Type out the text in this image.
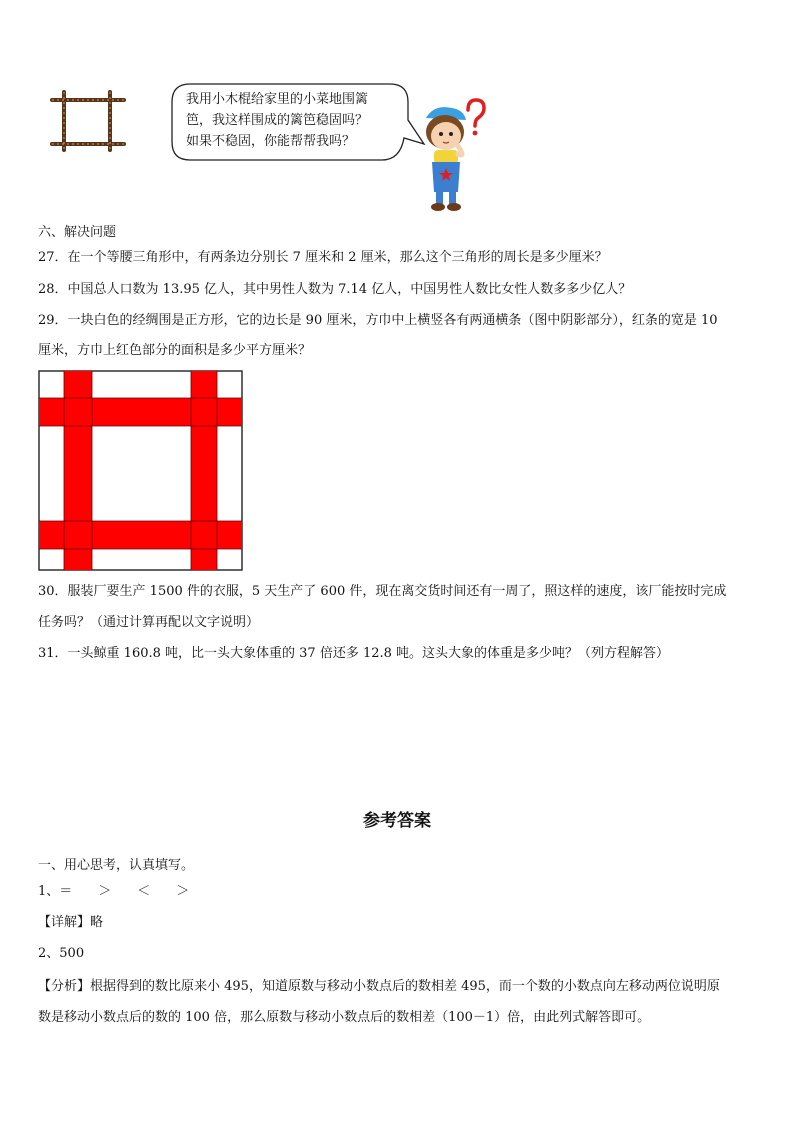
我用小木棍给家里的小菜地围篱
笆，我这样围成的篱笆稳固吗？
如果不稳固，你能帮帮我吗？
六、解决问题
27．在一个等腰三角形中，有两条边分别长 7 厘米和 2 厘米，那么这个三角形的周长是多少厘米？
28．中国总人口数为 13.95 亿人，其中男性人数为 7.14 亿人，中国男性人数比女性人数多多少亿人？
29．一块白色的经绸围是正方形，它的边长是 90 厘米，方巾中上横竖各有两通横条（图中阴影部分），红条的宽是 10
厘米，方巾上红色部分的面积是多少平方厘米？
30．服装厂要生产 1500 件的衣服，5 天生产了 600 件，现在离交货时间还有一周了，照这样的速度，该厂能按时完成
任务吗？（通过计算再配以文字说明）
31．一头鲸重 160.8 吨，比一头大象体重的 37 倍还多 12.8 吨。这头大象的体重是多少吨？（列方程解答）
参考答案
一、用心思考，认真填写。
1、＝　　＞　　＜　　＞
【详解】略
2、500
【分析】根据得到的数比原来小 495，知道原数与移动小数点后的数相差 495，而一个数的小数点向左移动两位说明原
数是移动小数点后的数的 100 倍，那么原数与移动小数点后的数相差（100－1）倍，由此列式解答即可。
